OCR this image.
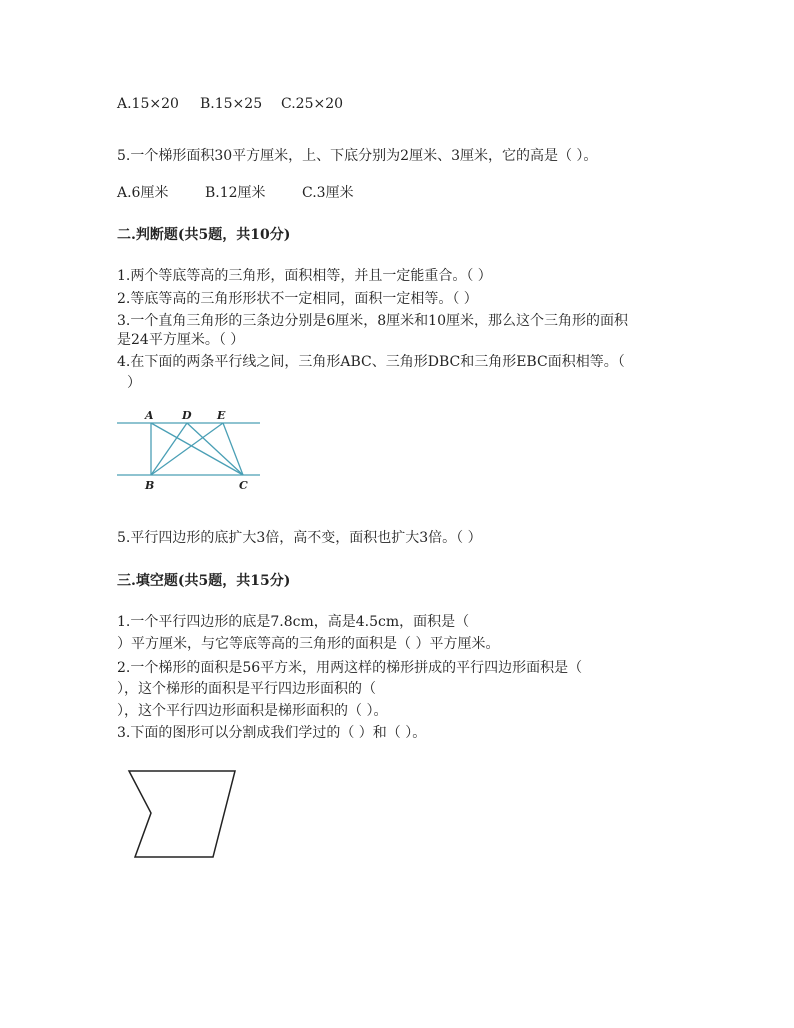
A.15×20 B.15×25 C.25×20
5.一个梯形面积30平方厘米，上、下底分别为2厘米、3厘米，它的高是（ ）。
A.6厘米	B.12厘米	C.3厘米
二.判断题(共5题，共10分)
1.两个等底等高的三角形，面积相等，并且一定能重合。（ ）
2.等底等高的三角形形状不一定相同，面积一定相等。（ ）
3.一个直角三角形的三条边分别是6厘米，8厘米和10厘米，那么这个三角形的面积
是24平方厘米。（ ）
4.在下面的两条平行线之间，三角形ABC、三角形DBC和三角形EBC面积相等。（
）
A	D E
B	C
5.平行四边形的底扩大3倍，高不变，面积也扩大3倍。（ ）
三.填空题(共5题，共15分)
1.一个平行四边形的底是7.8cm，高是4.5cm，面积是（
）平方厘米，与它等底等高的三角形的面积是（ ）平方厘米。
2.一个梯形的面积是56平方米，用两这样的梯形拼成的平行四边形面积是（
），这个梯形的面积是平行四边形面积的（
），这个平行四边形面积是梯形面积的（ ）。
3.下面的图形可以分割成我们学过的（ ）和（ ）。
